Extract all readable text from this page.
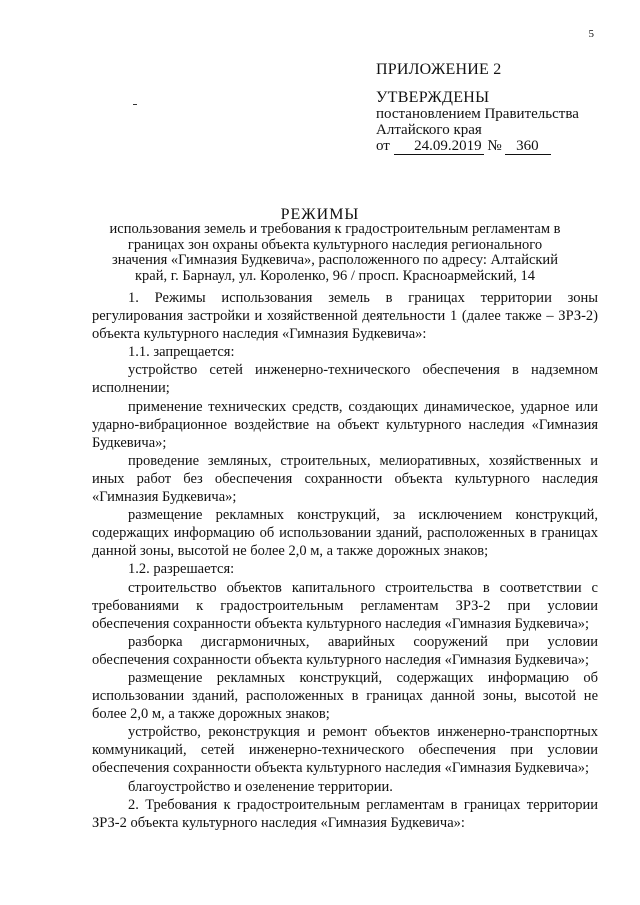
5
ПРИЛОЖЕНИЕ 2
УТВЕРЖДЕНЫ
постановлением Правительства
Алтайского края
от 24.09.2019 № 360
РЕЖИМЫ
использования земель и требования к градостроительным регламентам в границах зон охраны объекта культурного наследия регионального значения «Гимназия Будкевича», расположенного по адресу: Алтайский край, г. Барнаул, ул. Короленко, 96 / просп. Красноармейский, 14

1. Режимы использования земель в границах территории зоны регулирования застройки и хозяйственной деятельности 1 (далее также – ЗРЗ-2) объекта культурного наследия «Гимназия Будкевича»:

1.1. запрещается:

устройство сетей инженерно-технического обеспечения в надземном исполнении;

применение технических средств, создающих динамическое, ударное или ударно-вибрационное воздействие на объект культурного наследия «Гимназия Будкевича»;

проведение земляных, строительных, мелиоративных, хозяйственных и иных работ без обеспечения сохранности объекта культурного наследия «Гимназия Будкевича»;

размещение рекламных конструкций, за исключением конструкций, содержащих информацию об использовании зданий, расположенных в границах данной зоны, высотой не более 2,0 м, а также дорожных знаков;

1.2. разрешается:

строительство объектов капитального строительства в соответствии с требованиями к градостроительным регламентам ЗРЗ-2 при условии обеспечения сохранности объекта культурного наследия «Гимназия Будкевича»;

разборка дисгармоничных, аварийных сооружений при условии обеспечения сохранности объекта культурного наследия «Гимназия Будкевича»;

размещение рекламных конструкций, содержащих информацию об использовании зданий, расположенных в границах данной зоны, высотой не более 2,0 м, а также дорожных знаков;

устройство, реконструкция и ремонт объектов инженерно-транспортных коммуникаций, сетей инженерно-технического обеспечения при условии обеспечения сохранности объекта культурного наследия «Гимназия Будкевича»;

благоустройство и озеленение территории.

2. Требования к градостроительным регламентам в границах территории ЗРЗ-2 объекта культурного наследия «Гимназия Будкевича»:
